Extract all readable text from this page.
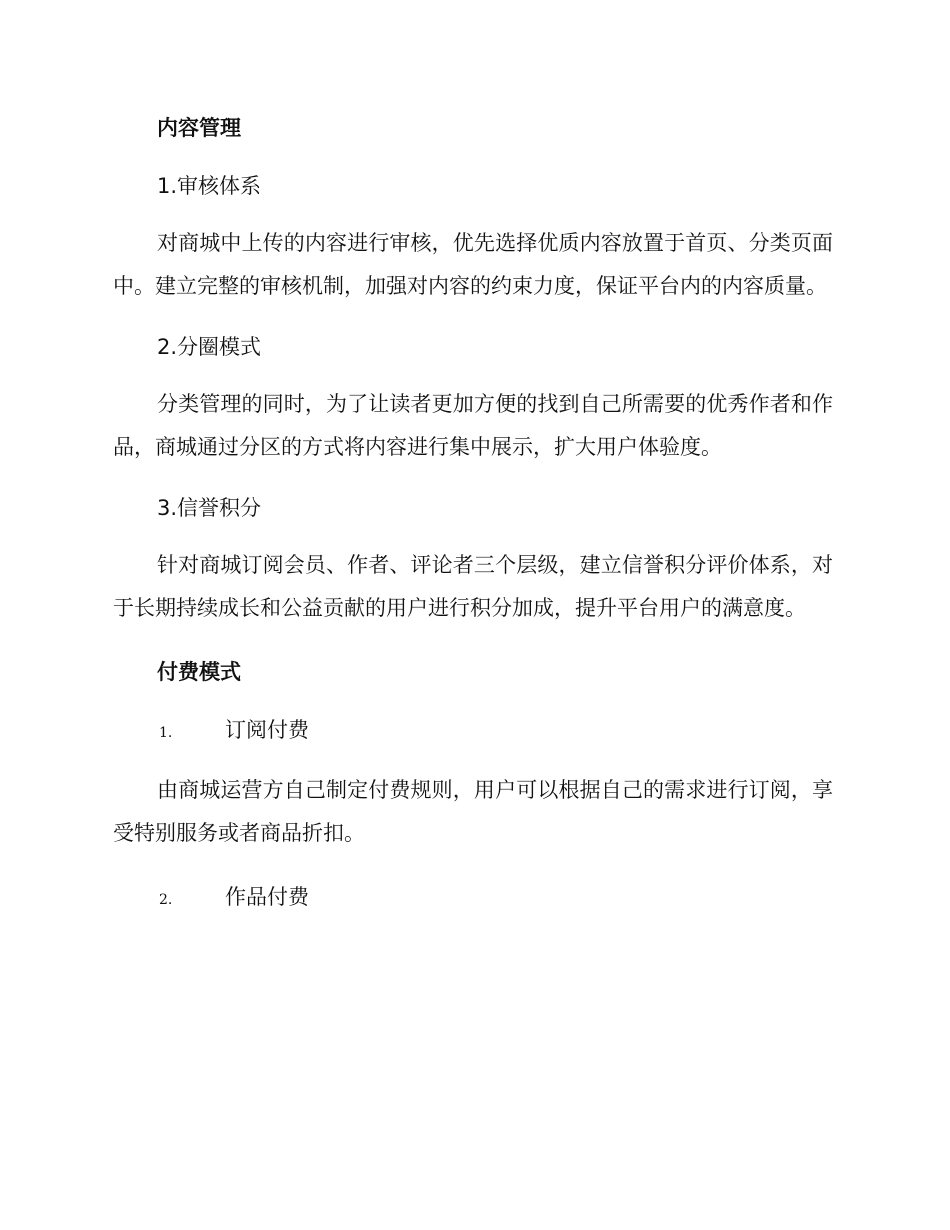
内容管理

1.审核体系

对商城中上传的内容进行审核，优先选择优质内容放置于首页、分类页面中。建立完整的审核机制，加强对内容的约束力度，保证平台内的内容质量。

2.分圈模式

分类管理的同时，为了让读者更加方便的找到自己所需要的优秀作者和作品，商城通过分区的方式将内容进行集中展示，扩大用户体验度。

3.信誉积分

针对商城订阅会员、作者、评论者三个层级，建立信誉积分评价体系，对于长期持续成长和公益贡献的用户进行积分加成，提升平台用户的满意度。

付费模式

1.	订阅付费

由商城运营方自己制定付费规则，用户可以根据自己的需求进行订阅，享受特别服务或者商品折扣。

2.	作品付费
